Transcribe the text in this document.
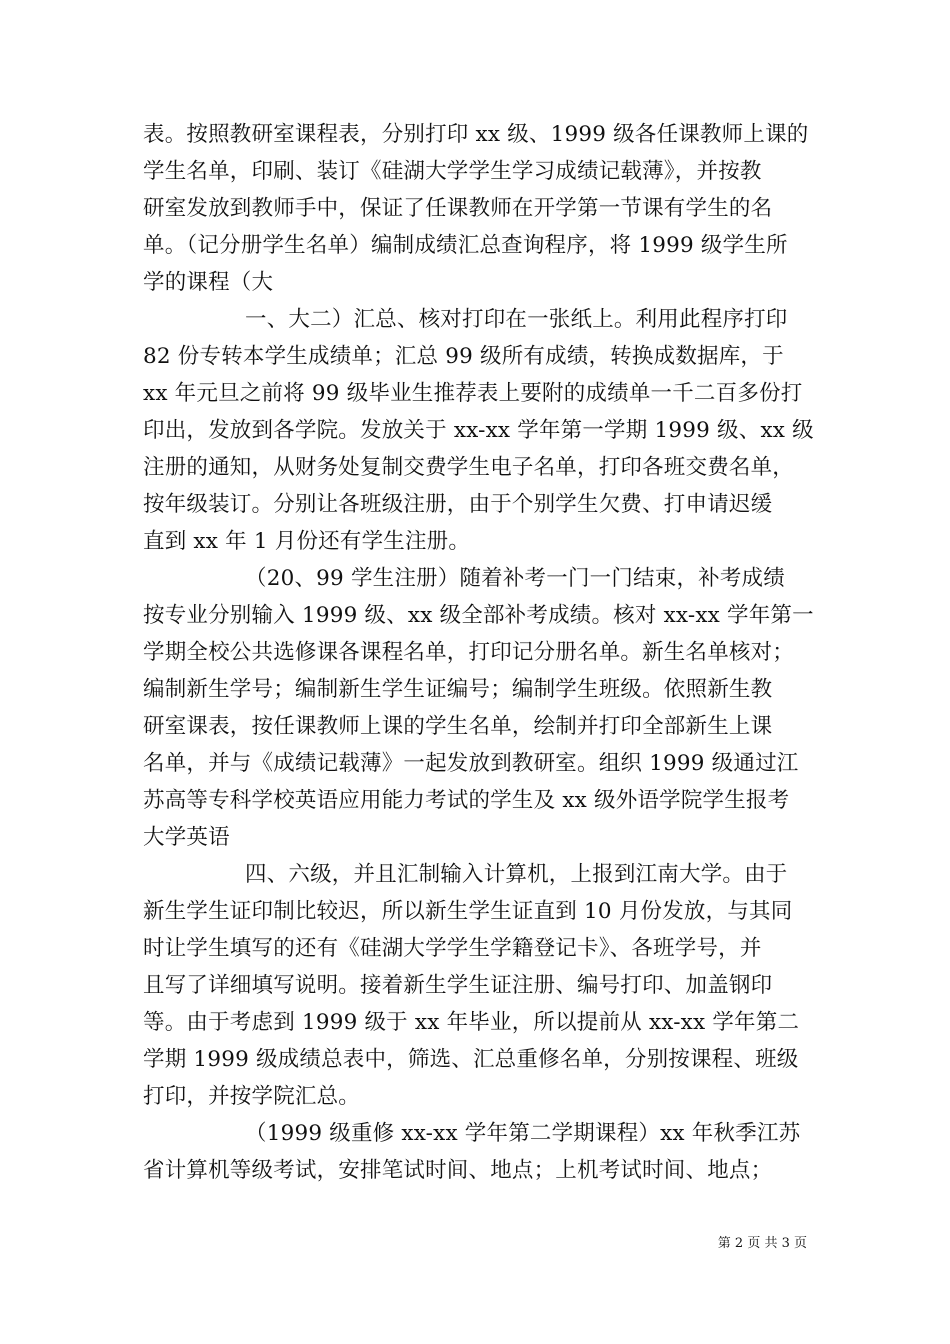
表。按照教研室课程表，分别打印 xx 级、1999 级各任课教师上课的
学生名单，印刷、装订《硅湖大学学生学习成绩记载薄》，并按教
研室发放到教师手中，保证了任课教师在开学第一节课有学生的名
单。（记分册学生名单）编制成绩汇总查询程序，将 1999 级学生所
学的课程（大
一、大二）汇总、核对打印在一张纸上。利用此程序打印
82 份专转本学生成绩单；汇总 99 级所有成绩，转换成数据库，于
xx 年元旦之前将 99 级毕业生推荐表上要附的成绩单一千二百多份打
印出，发放到各学院。发放关于 xx-xx 学年第一学期 1999 级、xx 级
注册的通知，从财务处复制交费学生电子名单，打印各班交费名单，
按年级装订。分别让各班级注册，由于个别学生欠费、打申请迟缓
直到 xx 年 1 月份还有学生注册。
（20、99 学生注册）随着补考一门一门结束，补考成绩
按专业分别输入 1999 级、xx 级全部补考成绩。核对 xx-xx 学年第一
学期全校公共选修课各课程名单，打印记分册名单。新生名单核对；
编制新生学号；编制新生学生证编号；编制学生班级。依照新生教
研室课表，按任课教师上课的学生名单，绘制并打印全部新生上课
名单，并与《成绩记载薄》一起发放到教研室。组织 1999 级通过江
苏高等专科学校英语应用能力考试的学生及 xx 级外语学院学生报考
大学英语
四、六级，并且汇制输入计算机，上报到江南大学。由于
新生学生证印制比较迟，所以新生学生证直到 10 月份发放，与其同
时让学生填写的还有《硅湖大学学生学籍登记卡》、各班学号，并
且写了详细填写说明。接着新生学生证注册、编号打印、加盖钢印
等。由于考虑到 1999 级于 xx 年毕业，所以提前从 xx-xx 学年第二
学期 1999 级成绩总表中，筛选、汇总重修名单，分别按课程、班级
打印，并按学院汇总。
（1999 级重修 xx-xx 学年第二学期课程）xx 年秋季江苏
省计算机等级考试，安排笔试时间、地点；上机考试时间、地点；
第 2 页 共 3 页
